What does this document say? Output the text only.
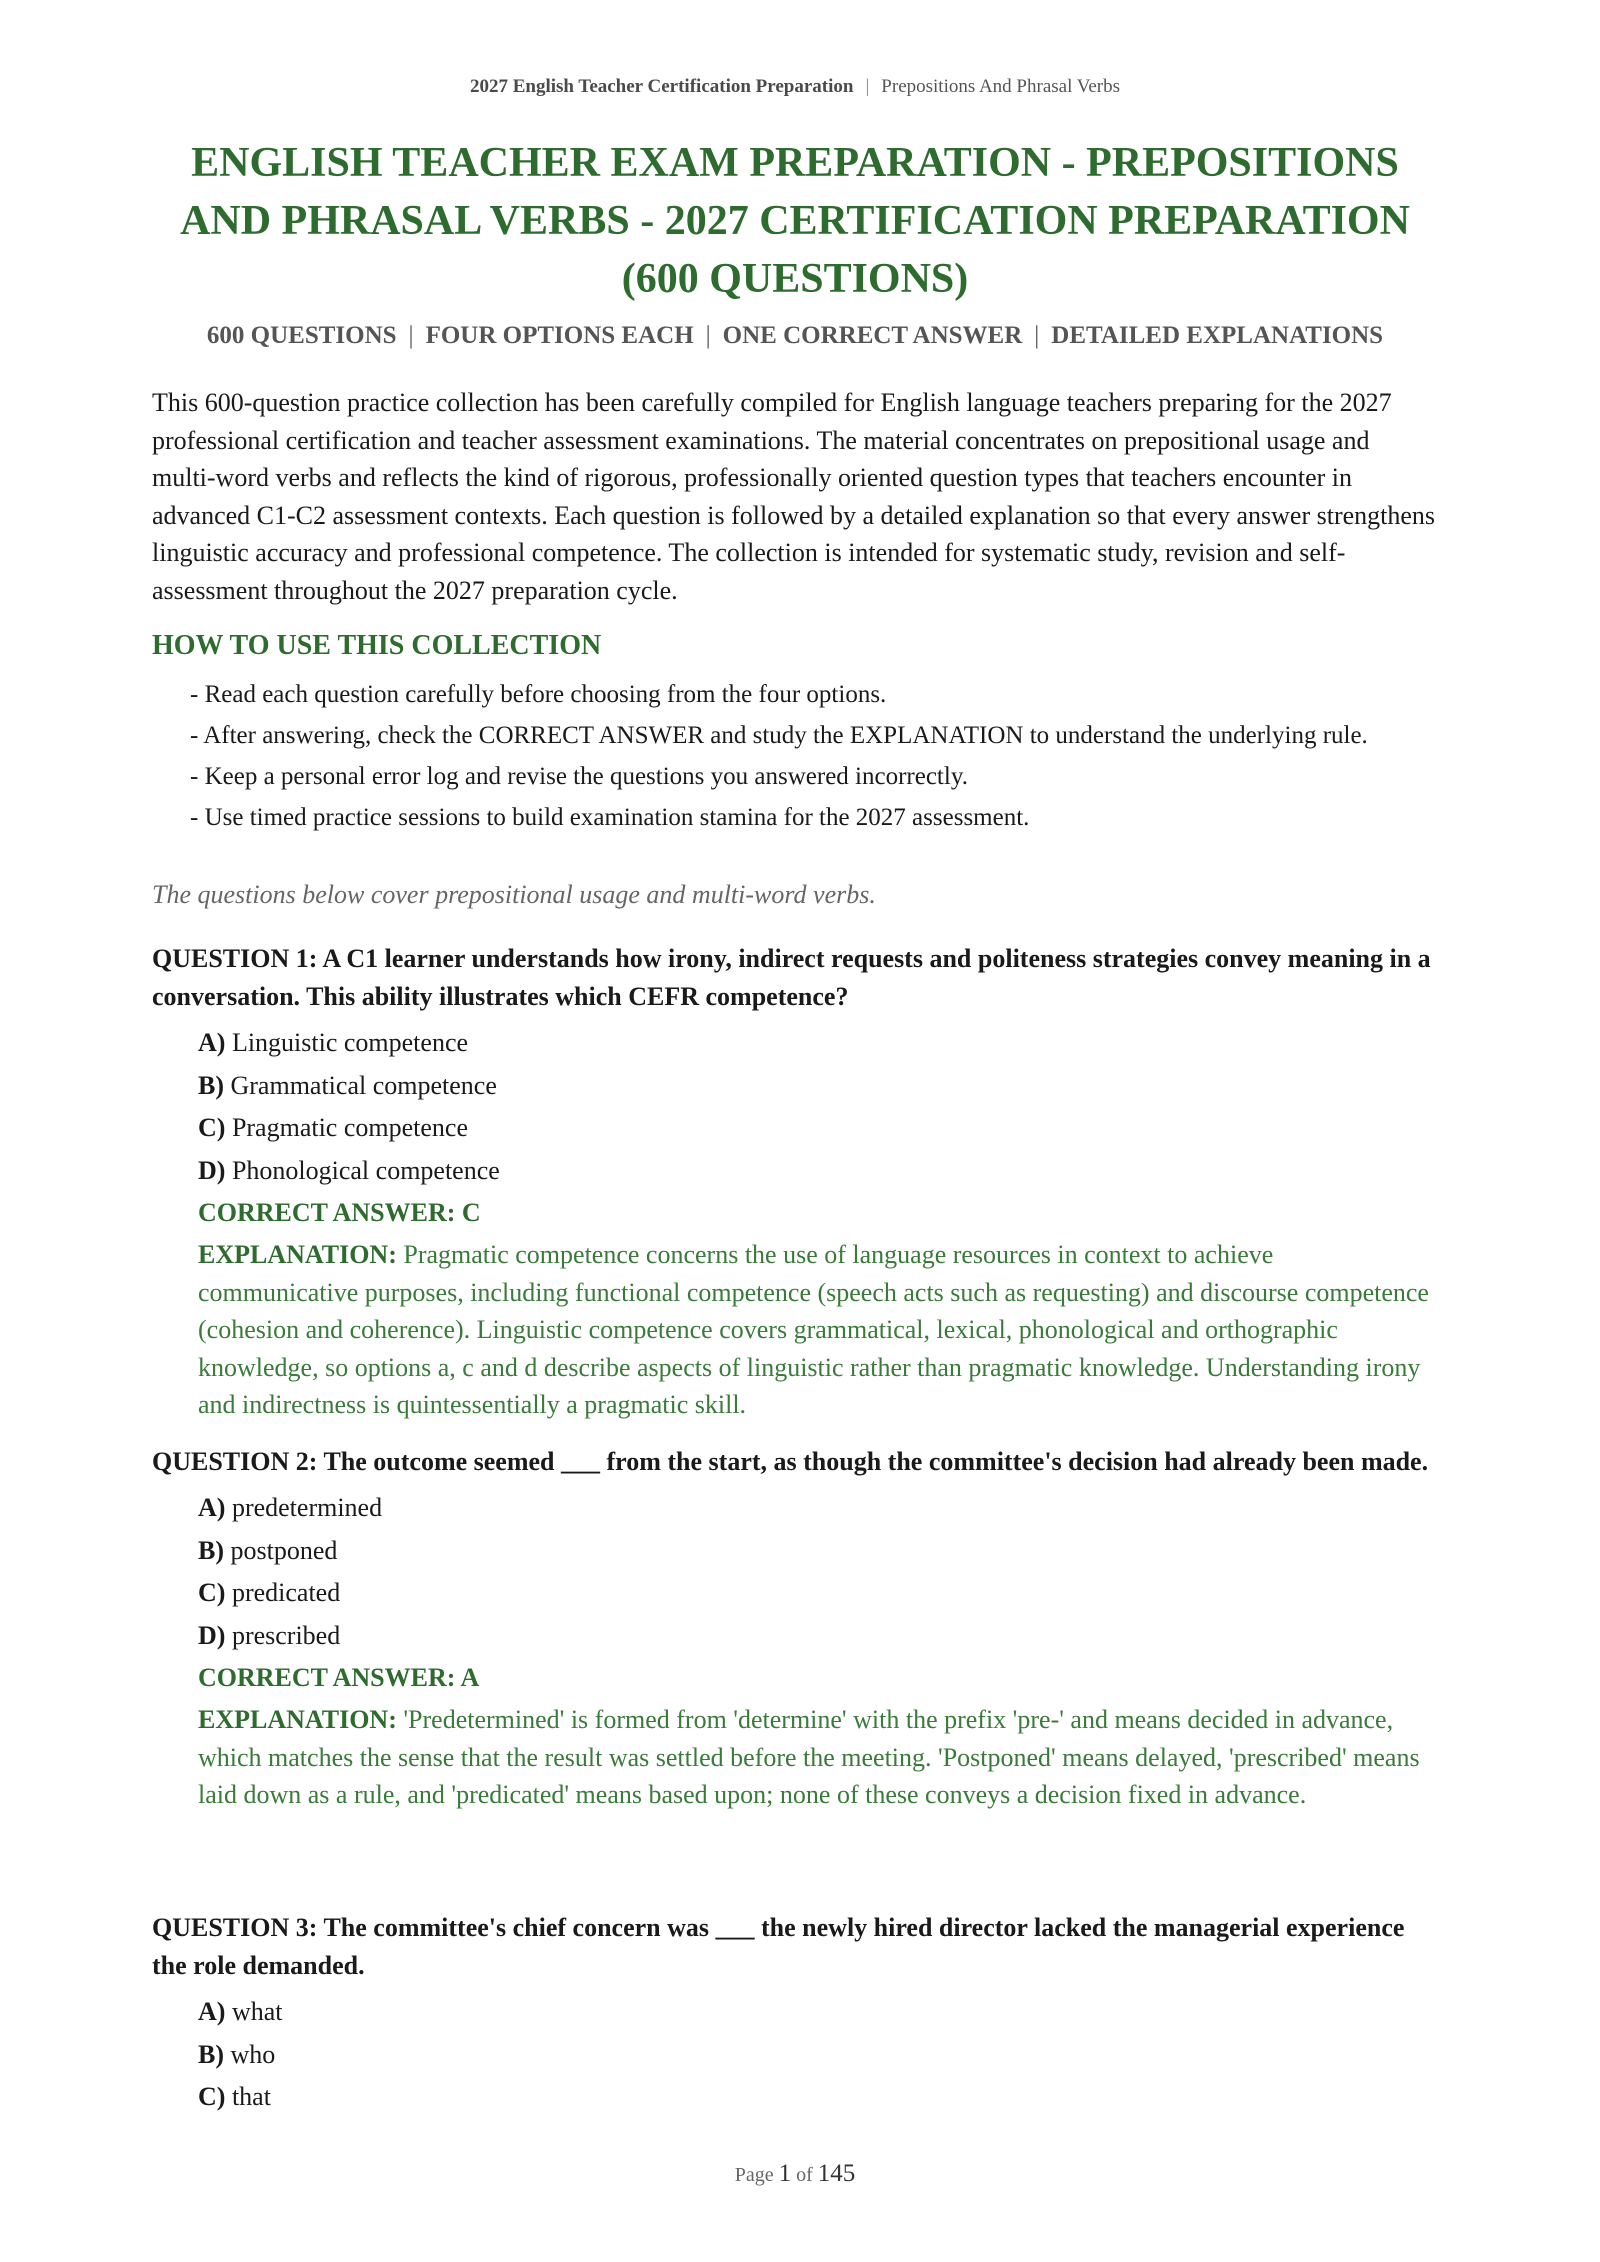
2027 English Teacher Certification Preparation | Prepositions And Phrasal Verbs
ENGLISH TEACHER EXAM PREPARATION - PREPOSITIONS AND PHRASAL VERBS - 2027 CERTIFICATION PREPARATION (600 QUESTIONS)
600 QUESTIONS | FOUR OPTIONS EACH | ONE CORRECT ANSWER | DETAILED EXPLANATIONS

This 600-question practice collection has been carefully compiled for English language teachers preparing for the 2027 professional certification and teacher assessment examinations. The material concentrates on prepositional usage and multi-word verbs and reflects the kind of rigorous, professionally oriented question types that teachers encounter in advanced C1-C2 assessment contexts. Each question is followed by a detailed explanation so that every answer strengthens linguistic accuracy and professional competence. The collection is intended for systematic study, revision and self-assessment throughout the 2027 preparation cycle.

HOW TO USE THIS COLLECTION
- Read each question carefully before choosing from the four options.
- After answering, check the CORRECT ANSWER and study the EXPLANATION to understand the underlying rule.
- Keep a personal error log and revise the questions you answered incorrectly.
- Use timed practice sessions to build examination stamina for the 2027 assessment.

The questions below cover prepositional usage and multi-word verbs.

QUESTION 1: A C1 learner understands how irony, indirect requests and politeness strategies convey meaning in a conversation. This ability illustrates which CEFR competence?

A) Linguistic competence
B) Grammatical competence
C) Pragmatic competence
D) Phonological competence

CORRECT ANSWER: C

EXPLANATION: Pragmatic competence concerns the use of language resources in context to achieve communicative purposes, including functional competence (speech acts such as requesting) and discourse competence (cohesion and coherence). Linguistic competence covers grammatical, lexical, phonological and orthographic knowledge, so options a, c and d describe aspects of linguistic rather than pragmatic knowledge. Understanding irony and indirectness is quintessentially a pragmatic skill.

QUESTION 2: The outcome seemed ___ from the start, as though the committee's decision had already been made.

A) predetermined
B) postponed
C) predicated
D) prescribed

CORRECT ANSWER: A

EXPLANATION: 'Predetermined' is formed from 'determine' with the prefix 'pre-' and means decided in advance, which matches the sense that the result was settled before the meeting. 'Postponed' means delayed, 'prescribed' means laid down as a rule, and 'predicated' means based upon; none of these conveys a decision fixed in advance.

QUESTION 3: The committee's chief concern was ___ the newly hired director lacked the managerial experience the role demanded.

A) what
B) who
C) that
Page 1 of 145
